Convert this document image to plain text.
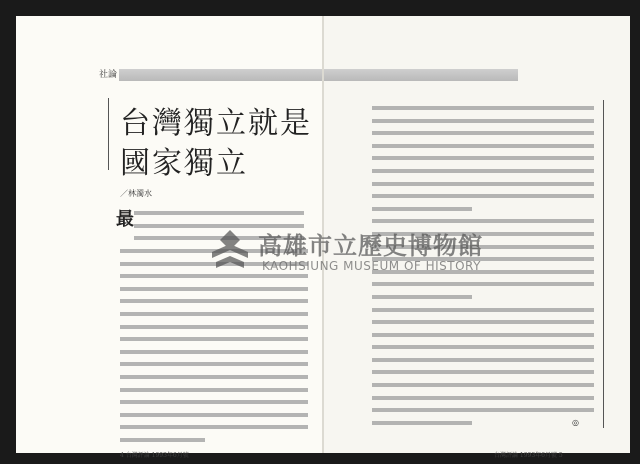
社論
台灣獨立就是
國家獨立
／林濁水
最
◎
4 台灣評論 1993年6月號	台灣評論 1993年6月號 5
高雄市立歷史博物館
KAOHSIUNG MUSEUM OF HISTORY
